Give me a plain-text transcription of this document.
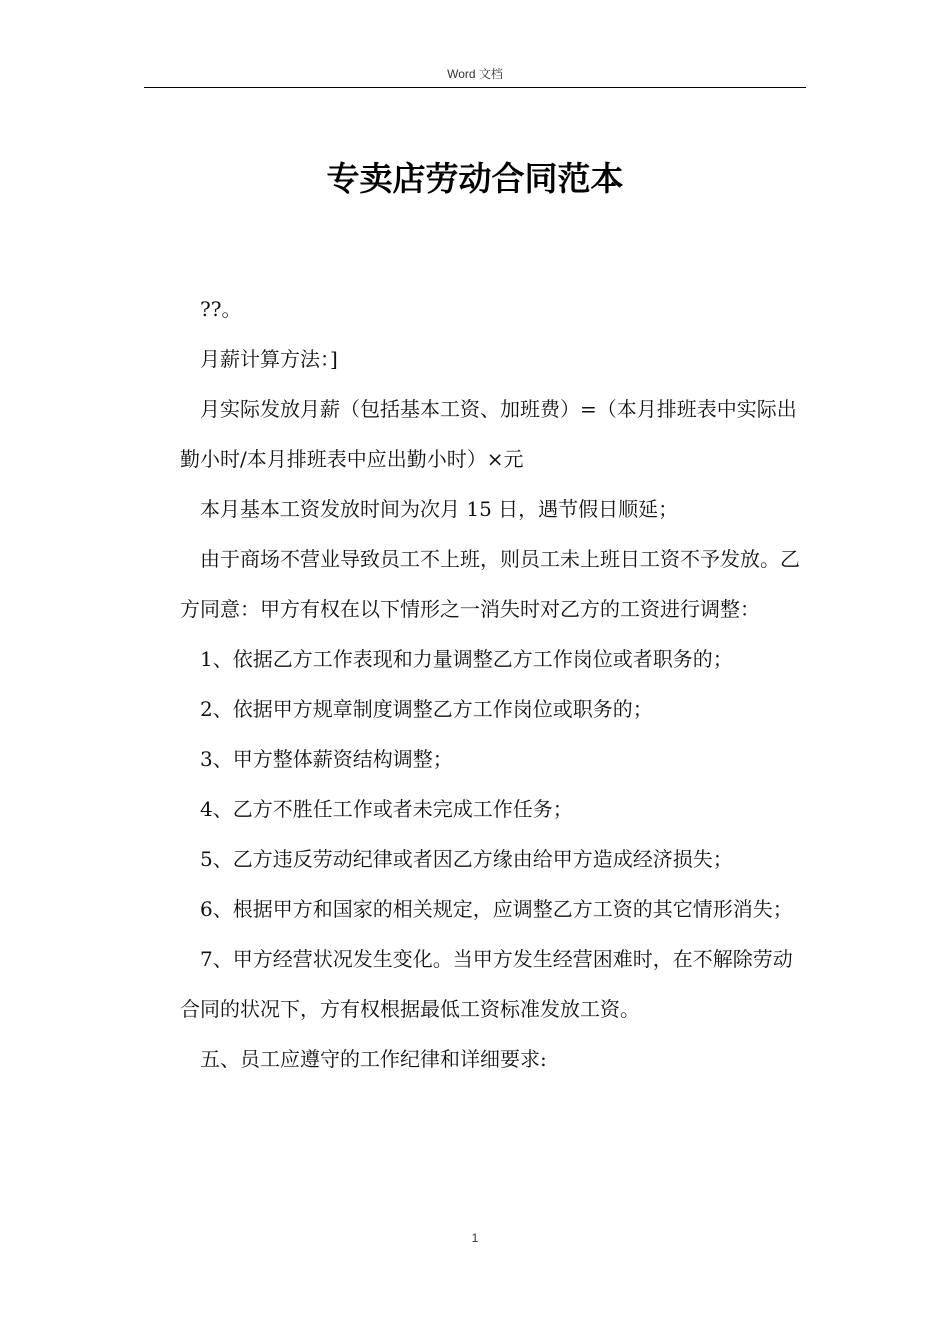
Word 文档
专卖店劳动合同范本

??。

月薪计算方法：]

月实际发放月薪（包括基本工资、加班费）=（本月排班表中实际出勤小时/本月排班表中应出勤小时）×元

本月基本工资发放时间为次月 15 日，遇节假日顺延；

由于商场不营业导致员工不上班，则员工未上班日工资不予发放。乙方同意：甲方有权在以下情形之一消失时对乙方的工资进行调整：

1、依据乙方工作表现和力量调整乙方工作岗位或者职务的；

2、依据甲方规章制度调整乙方工作岗位或职务的；

3、甲方整体薪资结构调整；

4、乙方不胜任工作或者未完成工作任务；

5、乙方违反劳动纪律或者因乙方缘由给甲方造成经济损失；

6、根据甲方和国家的相关规定，应调整乙方工资的其它情形消失；

7、甲方经营状况发生变化。当甲方发生经营困难时，在不解除劳动合同的状况下，方有权根据最低工资标准发放工资。

五、员工应遵守的工作纪律和详细要求:

1
